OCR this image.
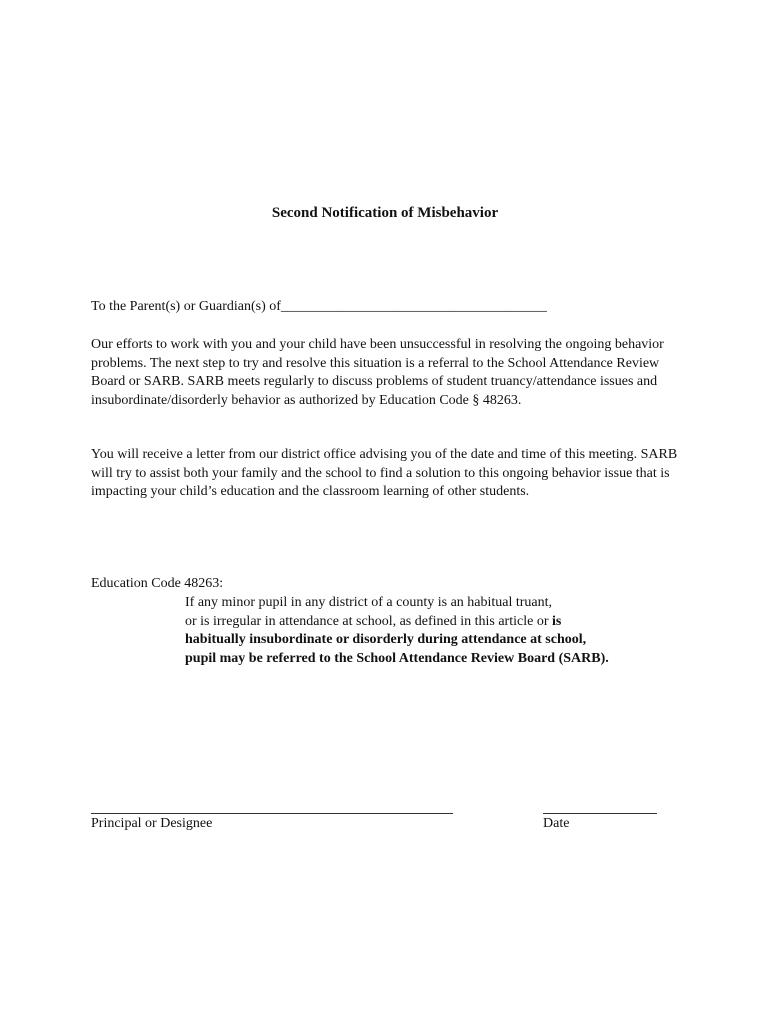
Second Notification of Misbehavior
To the Parent(s) or Guardian(s) of______________________________________
Our efforts to work with you and your child have been unsuccessful in resolving the ongoing behavior problems. The next step to try and resolve this situation is a referral to the School Attendance Review Board or SARB. SARB meets regularly to discuss problems of student truancy/attendance issues and insubordinate/disorderly behavior as authorized by Education Code § 48263.
You will receive a letter from our district office advising you of the date and time of this meeting. SARB will try to assist both your family and the school to find a solution to this ongoing behavior issue that is impacting your child’s education and the classroom learning of other students.
Education Code 48263:
If any minor pupil in any district of a county is an habitual truant,
or is irregular in attendance at school, as defined in this article or is
habitually insubordinate or disorderly during attendance at school,
pupil may be referred to the School Attendance Review Board (SARB).
Principal or Designee	Date
